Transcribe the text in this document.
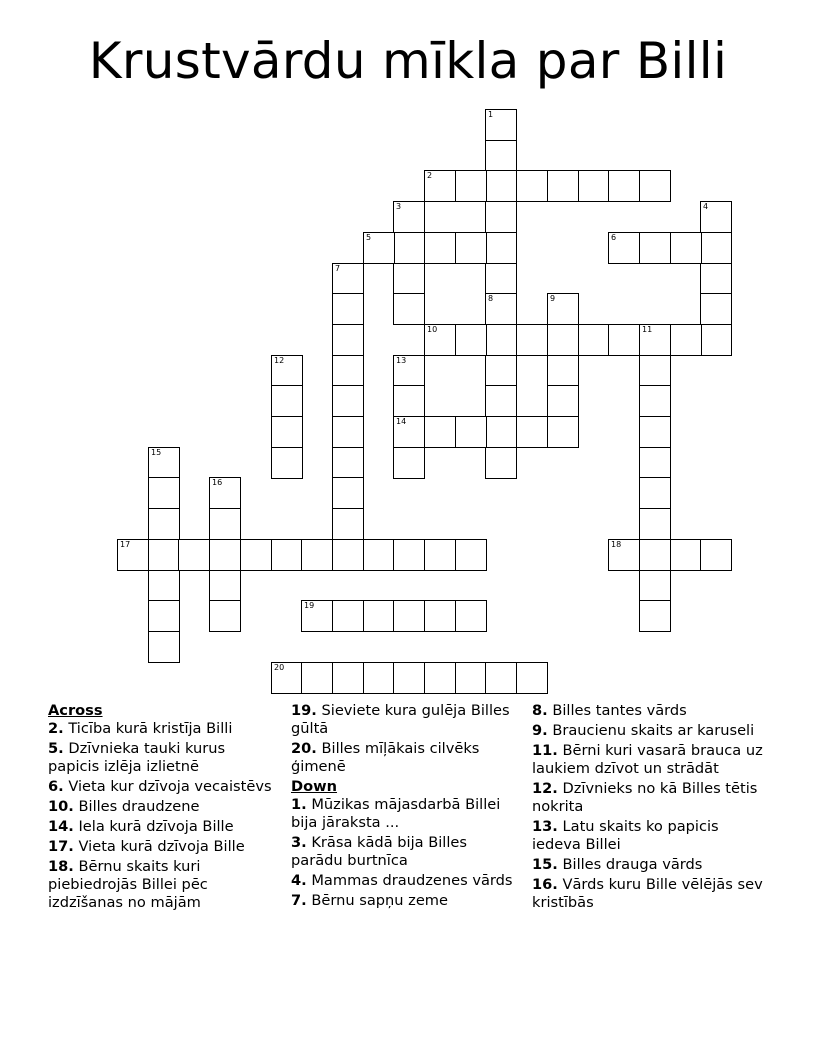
Krustvārdu mīkla par Billi
1
8
2
3	4
5	6
7
9
10	11
12	13
14
15
16
17	18
19
20
Across
2. Ticība kurā kristīja Billi
5. Dzīvnieka tauki kurus papicis izlēja izlietnē
6. Vieta kur dzīvoja vecaistēvs
10. Billes draudzene
14. Iela kurā dzīvoja Bille
17. Vieta kurā dzīvoja Bille
18. Bērnu skaits kuri piebiedrojās Billei pēc izdzīšanas no mājām
19. Sieviete kura gulēja Billes gūltā
20. Billes mīļākais cilvēks ģimenē
Down
1. Mūzikas mājasdarbā Billei bija jāraksta ...
3. Krāsa kādā bija Billes parādu burtnīca
4. Mammas draudzenes vārds
7. Bērnu sapņu zeme
8. Billes tantes vārds
9. Braucienu skaits ar karuseli
11. Bērni kuri vasarā brauca uz laukiem dzīvot un strādāt
12. Dzīvnieks no kā Billes tētis nokrita
13. Latu skaits ko papicis iedeva Billei
15. Billes drauga vārds
16. Vārds kuru Bille vēlējās sev kristībās
